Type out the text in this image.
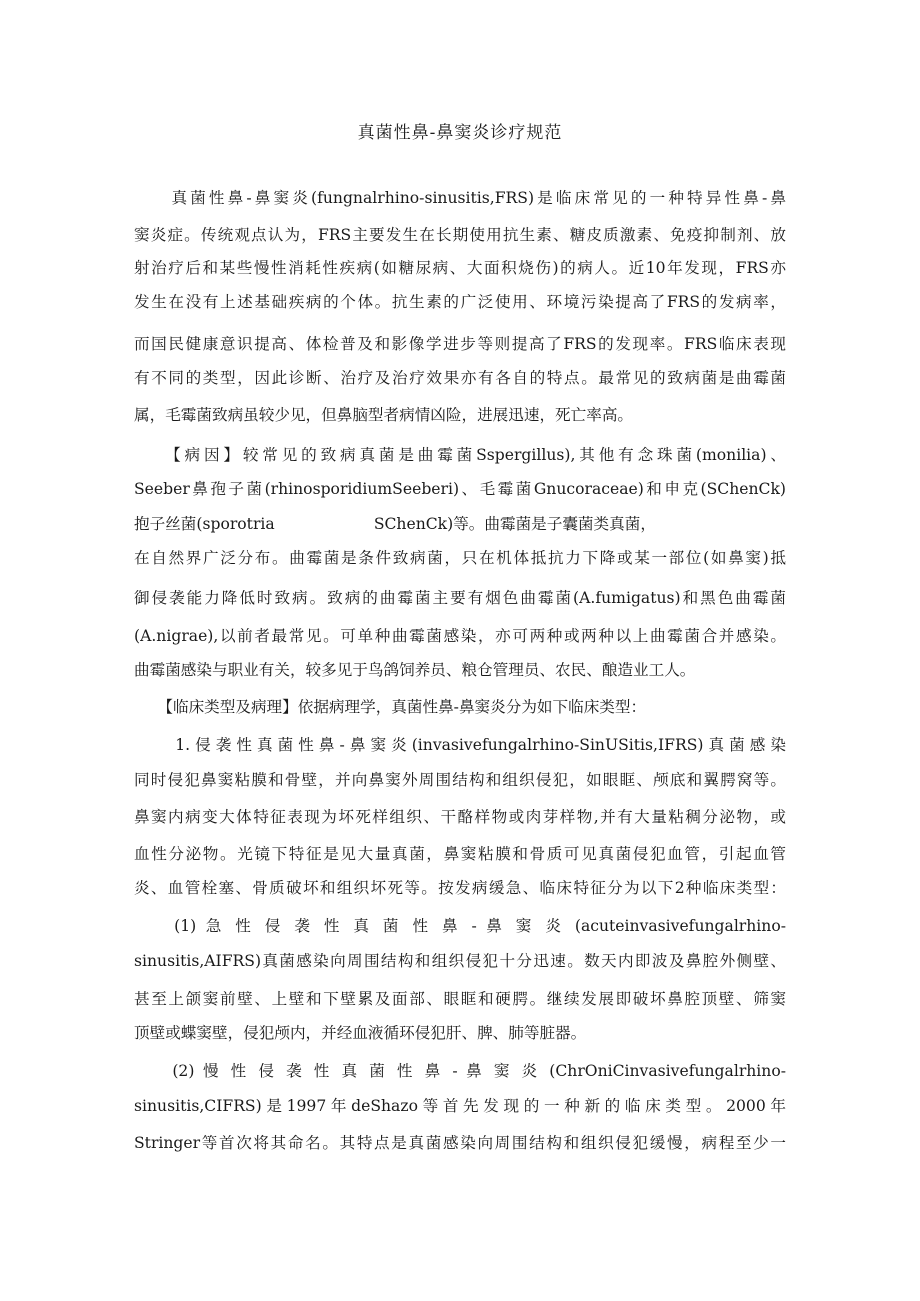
真菌性鼻-鼻窦炎诊疗规范
　　真菌性鼻-鼻窦炎(fungnalrhino-sinusitis,FRS)是临床常见的一种特异性鼻-鼻
窦炎症。传统观点认为，FRS主要发生在长期使用抗生素、糖皮质激素、免疫抑制剂、放
射治疗后和某些慢性消耗性疾病(如糖尿病、大面积烧伤)的病人。近10年发现，FRS亦
发生在没有上述基础疾病的个体。抗生素的广泛使用、环境污染提高了FRS的发病率，
而国民健康意识提高、体检普及和影像学进步等则提高了FRS的发现率。FRS临床表现
有不同的类型，因此诊断、治疗及治疗效果亦有各自的特点。最常见的致病菌是曲霉菌
属，毛霉菌致病虽较少见，但鼻脑型者病情凶险，进展迅速，死亡率高。
　　【病因】较常见的致病真菌是曲霉菌Sspergillus),其他有念珠菌(monilia)、
Seeber鼻孢子菌(rhinosporidiumSeeberi)、毛霉菌Gnucoraceae)和申克(SChenCk)
抱子丝菌(sporotria                    SChenCk)等。曲霉菌是子囊菌类真菌，
在自然界广泛分布。曲霉菌是条件致病菌，只在机体抵抗力下降或某一部位(如鼻窦)抵
御侵袭能力降低时致病。致病的曲霉菌主要有烟色曲霉菌(A.fumigatus)和黑色曲霉菌
(A.nigrae),以前者最常见。可单种曲霉菌感染，亦可两种或两种以上曲霉菌合并感染。
曲霉菌感染与职业有关，较多见于鸟鸽饲养员、粮仓管理员、农民、酿造业工人。
　　【临床类型及病理】依据病理学，真菌性鼻-鼻窦炎分为如下临床类型：
　　1.侵袭性真菌性鼻-鼻窦炎(invasivefungalrhino-SinUSitis,IFRS)真菌感染
同时侵犯鼻窦粘膜和骨壁，并向鼻窦外周围结构和组织侵犯，如眼眶、颅底和翼腭窝等。
鼻窦内病变大体特征表现为坏死样组织、干酪样物或肉芽样物,并有大量粘稠分泌物，或
血性分泌物。光镜下特征是见大量真菌，鼻窦粘膜和骨质可见真菌侵犯血管，引起血管
炎、血管栓塞、骨质破坏和组织坏死等。按发病缓急、临床特征分为以下2种临床类型：
　　(1) 急 性 侵 袭 性 真 菌 性 鼻 - 鼻 窦 炎 (acuteinvasivefungalrhino-
sinusitis,AIFRS)真菌感染向周围结构和组织侵犯十分迅速。数天内即波及鼻腔外侧壁、
甚至上颌窦前壁、上壁和下壁累及面部、眼眶和硬腭。继续发展即破坏鼻腔顶壁、筛窦
顶壁或蝶窦壁，侵犯颅内，并经血液循环侵犯肝、脾、肺等脏器。
　　(2) 慢 性 侵 袭 性 真 菌 性 鼻 - 鼻 窦 炎 (ChrOniCinvasivefungalrhino-
sinusitis,CIFRS)是1997年deShazo等首先发现的一种新的临床类型。2000年
Stringer等首次将其命名。其特点是真菌感染向周围结构和组织侵犯缓慢，病程至少一
